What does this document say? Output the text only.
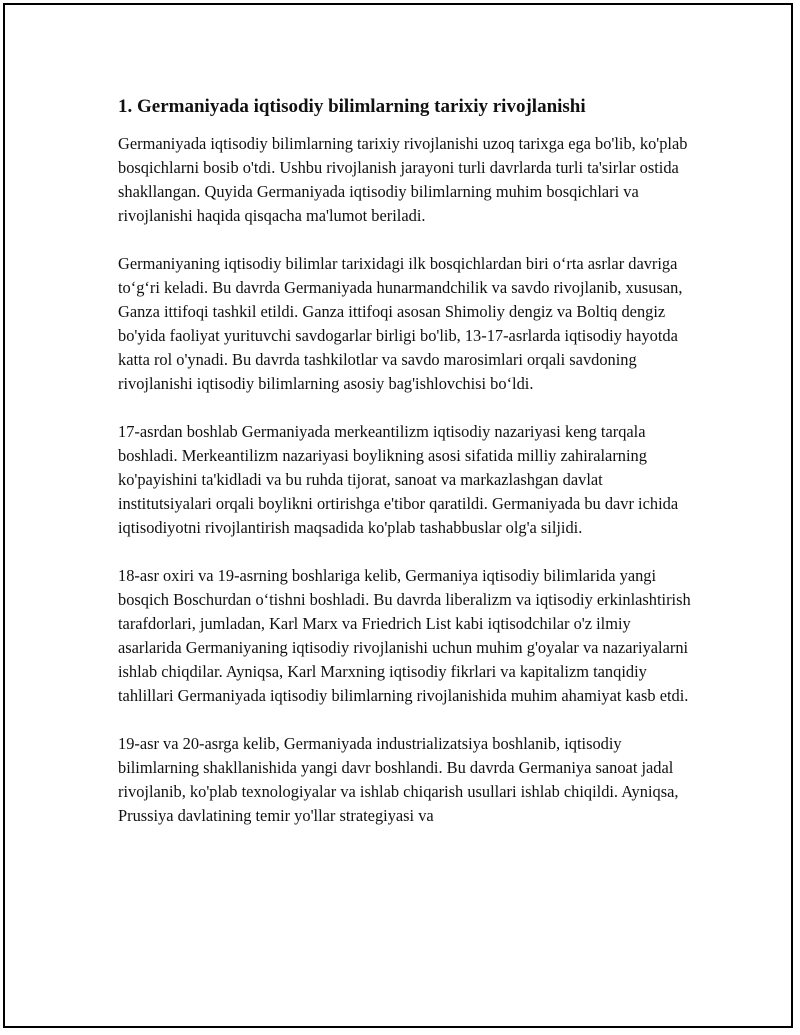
1. Germaniyada iqtisodiy bilimlarning tarixiy rivojlanishi

Germaniyada iqtisodiy bilimlarning tarixiy rivojlanishi uzoq tarixga ega bo'lib, ko'plab bosqichlarni bosib o'tdi. Ushbu rivojlanish jarayoni turli davrlarda turli ta'sirlar ostida shakllangan. Quyida Germaniyada iqtisodiy bilimlarning muhim bosqichlari va rivojlanishi haqida qisqacha ma'lumot beriladi.

Germaniyaning iqtisodiy bilimlar tarixidagi ilk bosqichlardan biri o‘rta asrlar davriga to‘g‘ri keladi. Bu davrda Germaniyada hunarmandchilik va savdo rivojlanib, xususan, Ganza ittifoqi tashkil etildi. Ganza ittifoqi asosan Shimoliy dengiz va Boltiq dengiz bo'yida faoliyat yurituvchi savdogarlar birligi bo'lib, 13-17-asrlarda iqtisodiy hayotda katta rol o'ynadi. Bu davrda tashkilotlar va savdo marosimlari orqali savdoning rivojlanishi iqtisodiy bilimlarning asosiy bag'ishlovchisi bo‘ldi.

17-asrdan boshlab Germaniyada merkeantilizm iqtisodiy nazariyasi keng tarqala boshladi. Merkeantilizm nazariyasi boylikning asosi sifatida milliy zahiralarning ko'payishini ta'kidladi va bu ruhda tijorat, sanoat va markazlashgan davlat institutsiyalari orqali boylikni ortirishga e'tibor qaratildi. Germaniyada bu davr ichida iqtisodiyotni rivojlantirish maqsadida ko'plab tashabbuslar olg'a siljidi.

18-asr oxiri va 19-asrning boshlariga kelib, Germaniya iqtisodiy bilimlarida yangi bosqich Boschurdan o‘tishni boshladi. Bu davrda liberalizm va iqtisodiy erkinlashtirish tarafdorlari, jumladan, Karl Marx va Friedrich List kabi iqtisodchilar o'z ilmiy asarlarida Germaniyaning iqtisodiy rivojlanishi uchun muhim g'oyalar va nazariyalarni ishlab chiqdilar. Ayniqsa, Karl Marxning iqtisodiy fikrlari va kapitalizm tanqidiy tahlillari Germaniyada iqtisodiy bilimlarning rivojlanishida muhim ahamiyat kasb etdi.

19-asr va 20-asrga kelib, Germaniyada industrializatsiya boshlanib, iqtisodiy bilimlarning shakllanishida yangi davr boshlandi. Bu davrda Germaniya sanoat jadal rivojlanib, ko'plab texnologiyalar va ishlab chiqarish usullari ishlab chiqildi. Ayniqsa, Prussiya davlatining temir yo'llar strategiyasi va
